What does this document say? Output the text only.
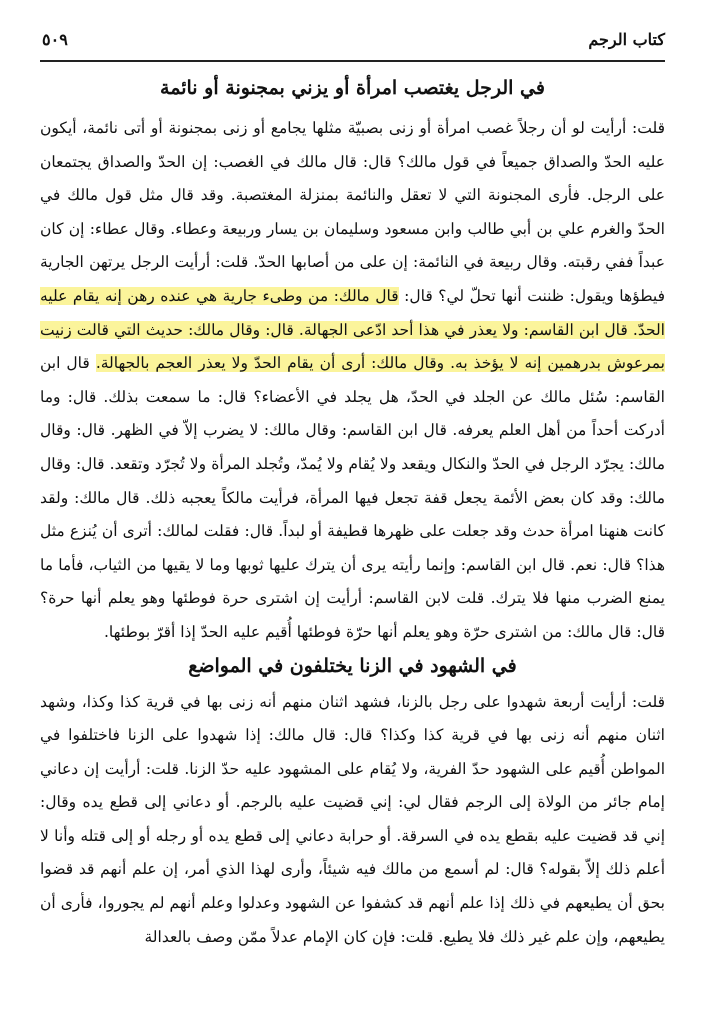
كتاب الرجم
٥٠٩
في الرجل يغتصب امرأة أو يزني بمجنونة أو نائمة

قلت: أرأيت لو أن رجلاً غصب امرأة أو زنى بصبيّة مثلها يجامع أو زنى بمجنونة أو أتى نائمة، أيكون عليه الحدّ والصداق جميعاً في قول مالك؟ قال: قال مالك في الغصب: إن الحدّ والصداق يجتمعان على الرجل. فأرى المجنونة التي لا تعقل والنائمة بمنزلة المغتصبة. وقد قال مثل قول مالك في الحدّ والغرم علي بن أبي طالب وابن مسعود وسليمان بن يسار وربيعة وعطاء. وقال عطاء: إن كان عبداً ففي رقبته. وقال ربيعة في النائمة: إن على من أصابها الحدّ. قلت: أرأيت الرجل يرتهن الجارية فيطؤها ويقول: ظننت أنها تحلّ لي؟ قال: قال مالك: من وطىء جارية هي عنده رهن إنه يقام عليه الحدّ. قال ابن القاسم: ولا يعذر في هذا أحد ادّعى الجهالة. قال: وقال مالك: حديث التي قالت زنيت بمرعوش بدرهمين إنه لا يؤخذ به. وقال مالك: أرى أن يقام الحدّ ولا يعذر العجم بالجهالة. قال ابن القاسم: سُئل مالك عن الجلد في الحدّ، هل يجلد في الأعضاء؟ قال: ما سمعت بذلك. قال: وما أدركت أحداً من أهل العلم يعرفه. قال ابن القاسم: وقال مالك: لا يضرب إلاّ في الظهر. قال: وقال مالك: يجرّد الرجل في الحدّ والنكال ويقعد ولا يُقام ولا يُمدّ، وتُجلد المرأة ولا تُجرّد وتقعد. قال: وقال مالك: وقد كان بعض الأئمة يجعل قفة تجعل فيها المرأة، فرأيت مالكاً يعجبه ذلك. قال مالك: ولقد كانت هنهنا امرأة حدث وقد جعلت على ظهرها قطيفة أو لبداً. قال: فقلت لمالك: أترى أن يُنزع مثل هذا؟ قال: نعم. قال ابن القاسم: وإنما رأيته يرى أن يترك عليها ثوبها وما لا يقيها من الثياب، فأما ما يمنع الضرب منها فلا يترك. قلت لابن القاسم: أرأيت إن اشترى حرة فوطئها وهو يعلم أنها حرة؟ قال: قال مالك: من اشترى حرّة وهو يعلم أنها حرّة فوطئها أُقيم عليه الحدّ إذا أقرّ بوطئها.

في الشهود في الزنا يختلفون في المواضع

قلت: أرأيت أربعة شهدوا على رجل بالزنا، فشهد اثنان منهم أنه زنى بها في قرية كذا وكذا، وشهد اثنان منهم أنه زنى بها في قرية كذا وكذا؟ قال: قال مالك: إذا شهدوا على الزنا فاختلفوا في المواطن أُقيم على الشهود حدّ الفرية، ولا يُقام على المشهود عليه حدّ الزنا. قلت: أرأيت إن دعاني إمام جائر من الولاة إلى الرجم فقال لي: إني قضيت عليه بالرجم. أو دعاني إلى قطع يده وقال: إني قد قضيت عليه بقطع يده في السرقة. أو حرابة دعاني إلى قطع يده أو رجله أو إلى قتله وأنا لا أعلم ذلك إلاّ بقوله؟ قال: لم أسمع من مالك فيه شيئاً، وأرى لهذا الذي أمر، إن علم أنهم قد قضوا بحق أن يطيعهم في ذلك إذا علم أنهم قد كشفوا عن الشهود وعدلوا وعلم أنهم لم يجوروا، فأرى أن يطيعهم، وإن علم غير ذلك فلا يطيع. قلت: فإن كان الإمام عدلاً ممّن وصف بالعدالة
